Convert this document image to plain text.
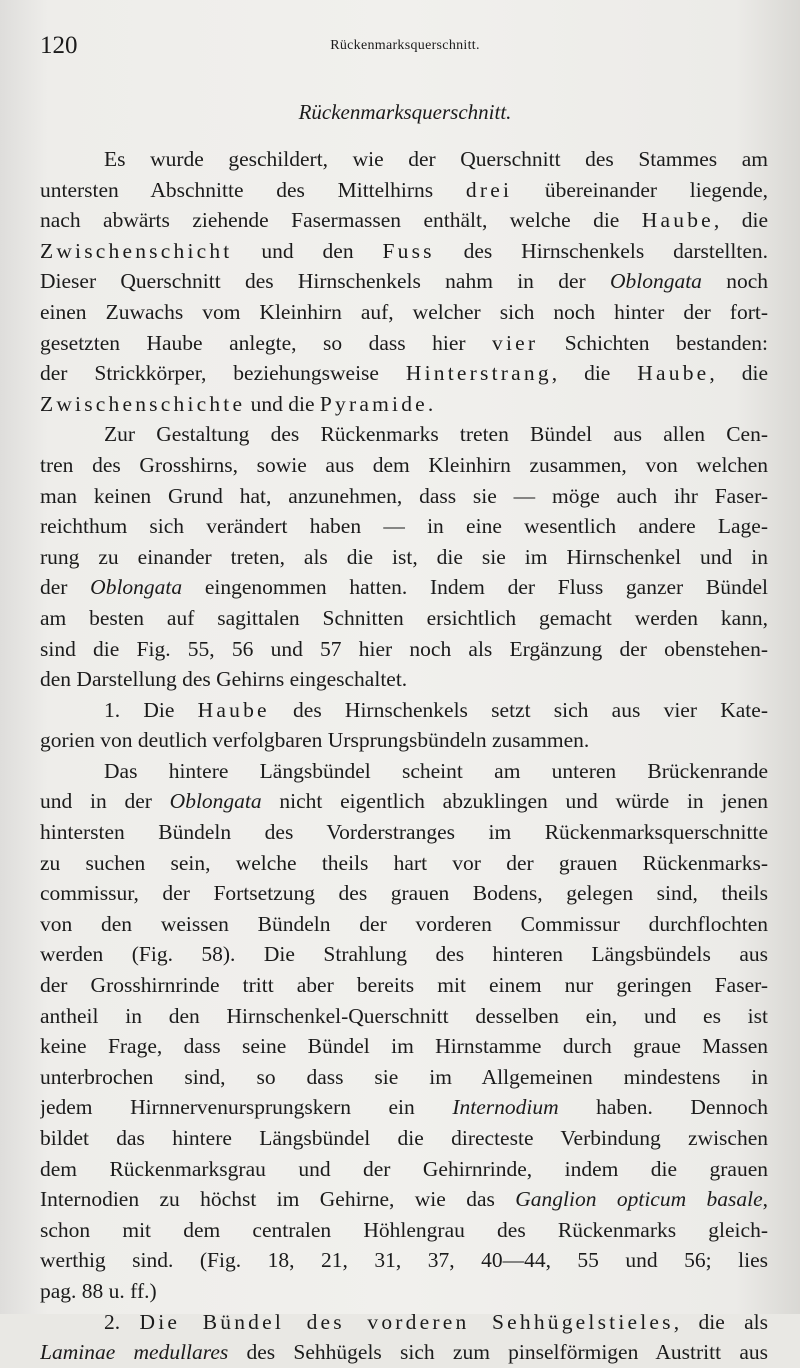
120	Rückenmarksquerschnitt.
Rückenmarksquerschnitt.
Es wurde geschildert, wie der Querschnitt des Stammes am
untersten Abschnitte des Mittelhirns drei übereinander liegende,
nach abwärts ziehende Fasermassen enthält, welche die Haube, die
Zwischenschicht und den Fuss des Hirnschenkels darstellten.
Dieser Querschnitt des Hirnschenkels nahm in der Oblongata noch
einen Zuwachs vom Kleinhirn auf, welcher sich noch hinter der fort-
gesetzten Haube anlegte, so dass hier vier Schichten bestanden:
der Strickkörper, beziehungsweise Hinterstrang, die Haube, die
Zwischenschichte und die Pyramide.
Zur Gestaltung des Rückenmarks treten Bündel aus allen Cen-
tren des Grosshirns, sowie aus dem Kleinhirn zusammen, von welchen
man keinen Grund hat, anzunehmen, dass sie — möge auch ihr Faser-
reichthum sich verändert haben — in eine wesentlich andere Lage-
rung zu einander treten, als die ist, die sie im Hirnschenkel und in
der Oblongata eingenommen hatten. Indem der Fluss ganzer Bündel
am besten auf sagittalen Schnitten ersichtlich gemacht werden kann,
sind die Fig. 55, 56 und 57 hier noch als Ergänzung der obenstehen-
den Darstellung des Gehirns eingeschaltet.
1. Die Haube des Hirnschenkels setzt sich aus vier Kate-
gorien von deutlich verfolgbaren Ursprungsbündeln zusammen.
Das hintere Längsbündel scheint am unteren Brückenrande
und in der Oblongata nicht eigentlich abzuklingen und würde in jenen
hintersten Bündeln des Vorderstranges im Rückenmarksquerschnitte
zu suchen sein, welche theils hart vor der grauen Rückenmarks-
commissur, der Fortsetzung des grauen Bodens, gelegen sind, theils
von den weissen Bündeln der vorderen Commissur durchflochten
werden (Fig. 58). Die Strahlung des hinteren Längsbündels aus
der Grosshirnrinde tritt aber bereits mit einem nur geringen Faser-
antheil in den Hirnschenkel-Querschnitt desselben ein, und es ist
keine Frage, dass seine Bündel im Hirnstamme durch graue Massen
unterbrochen sind, so dass sie im Allgemeinen mindestens in
jedem Hirnnervenursprungskern ein Internodium haben. Dennoch
bildet das hintere Längsbündel die directeste Verbindung zwischen
dem Rückenmarksgrau und der Gehirnrinde, indem die grauen
Internodien zu höchst im Gehirne, wie das Ganglion opticum basale,
schon mit dem centralen Höhlengrau des Rückenmarks gleich-
werthig sind. (Fig. 18, 21, 31, 37, 40—44, 55 und 56; lies
pag. 88 u. ff.)
2. Die Bündel des vorderen Sehhügelstieles, die als
Laminae medullares des Sehhügels sich zum pinselförmigen Austritt aus
